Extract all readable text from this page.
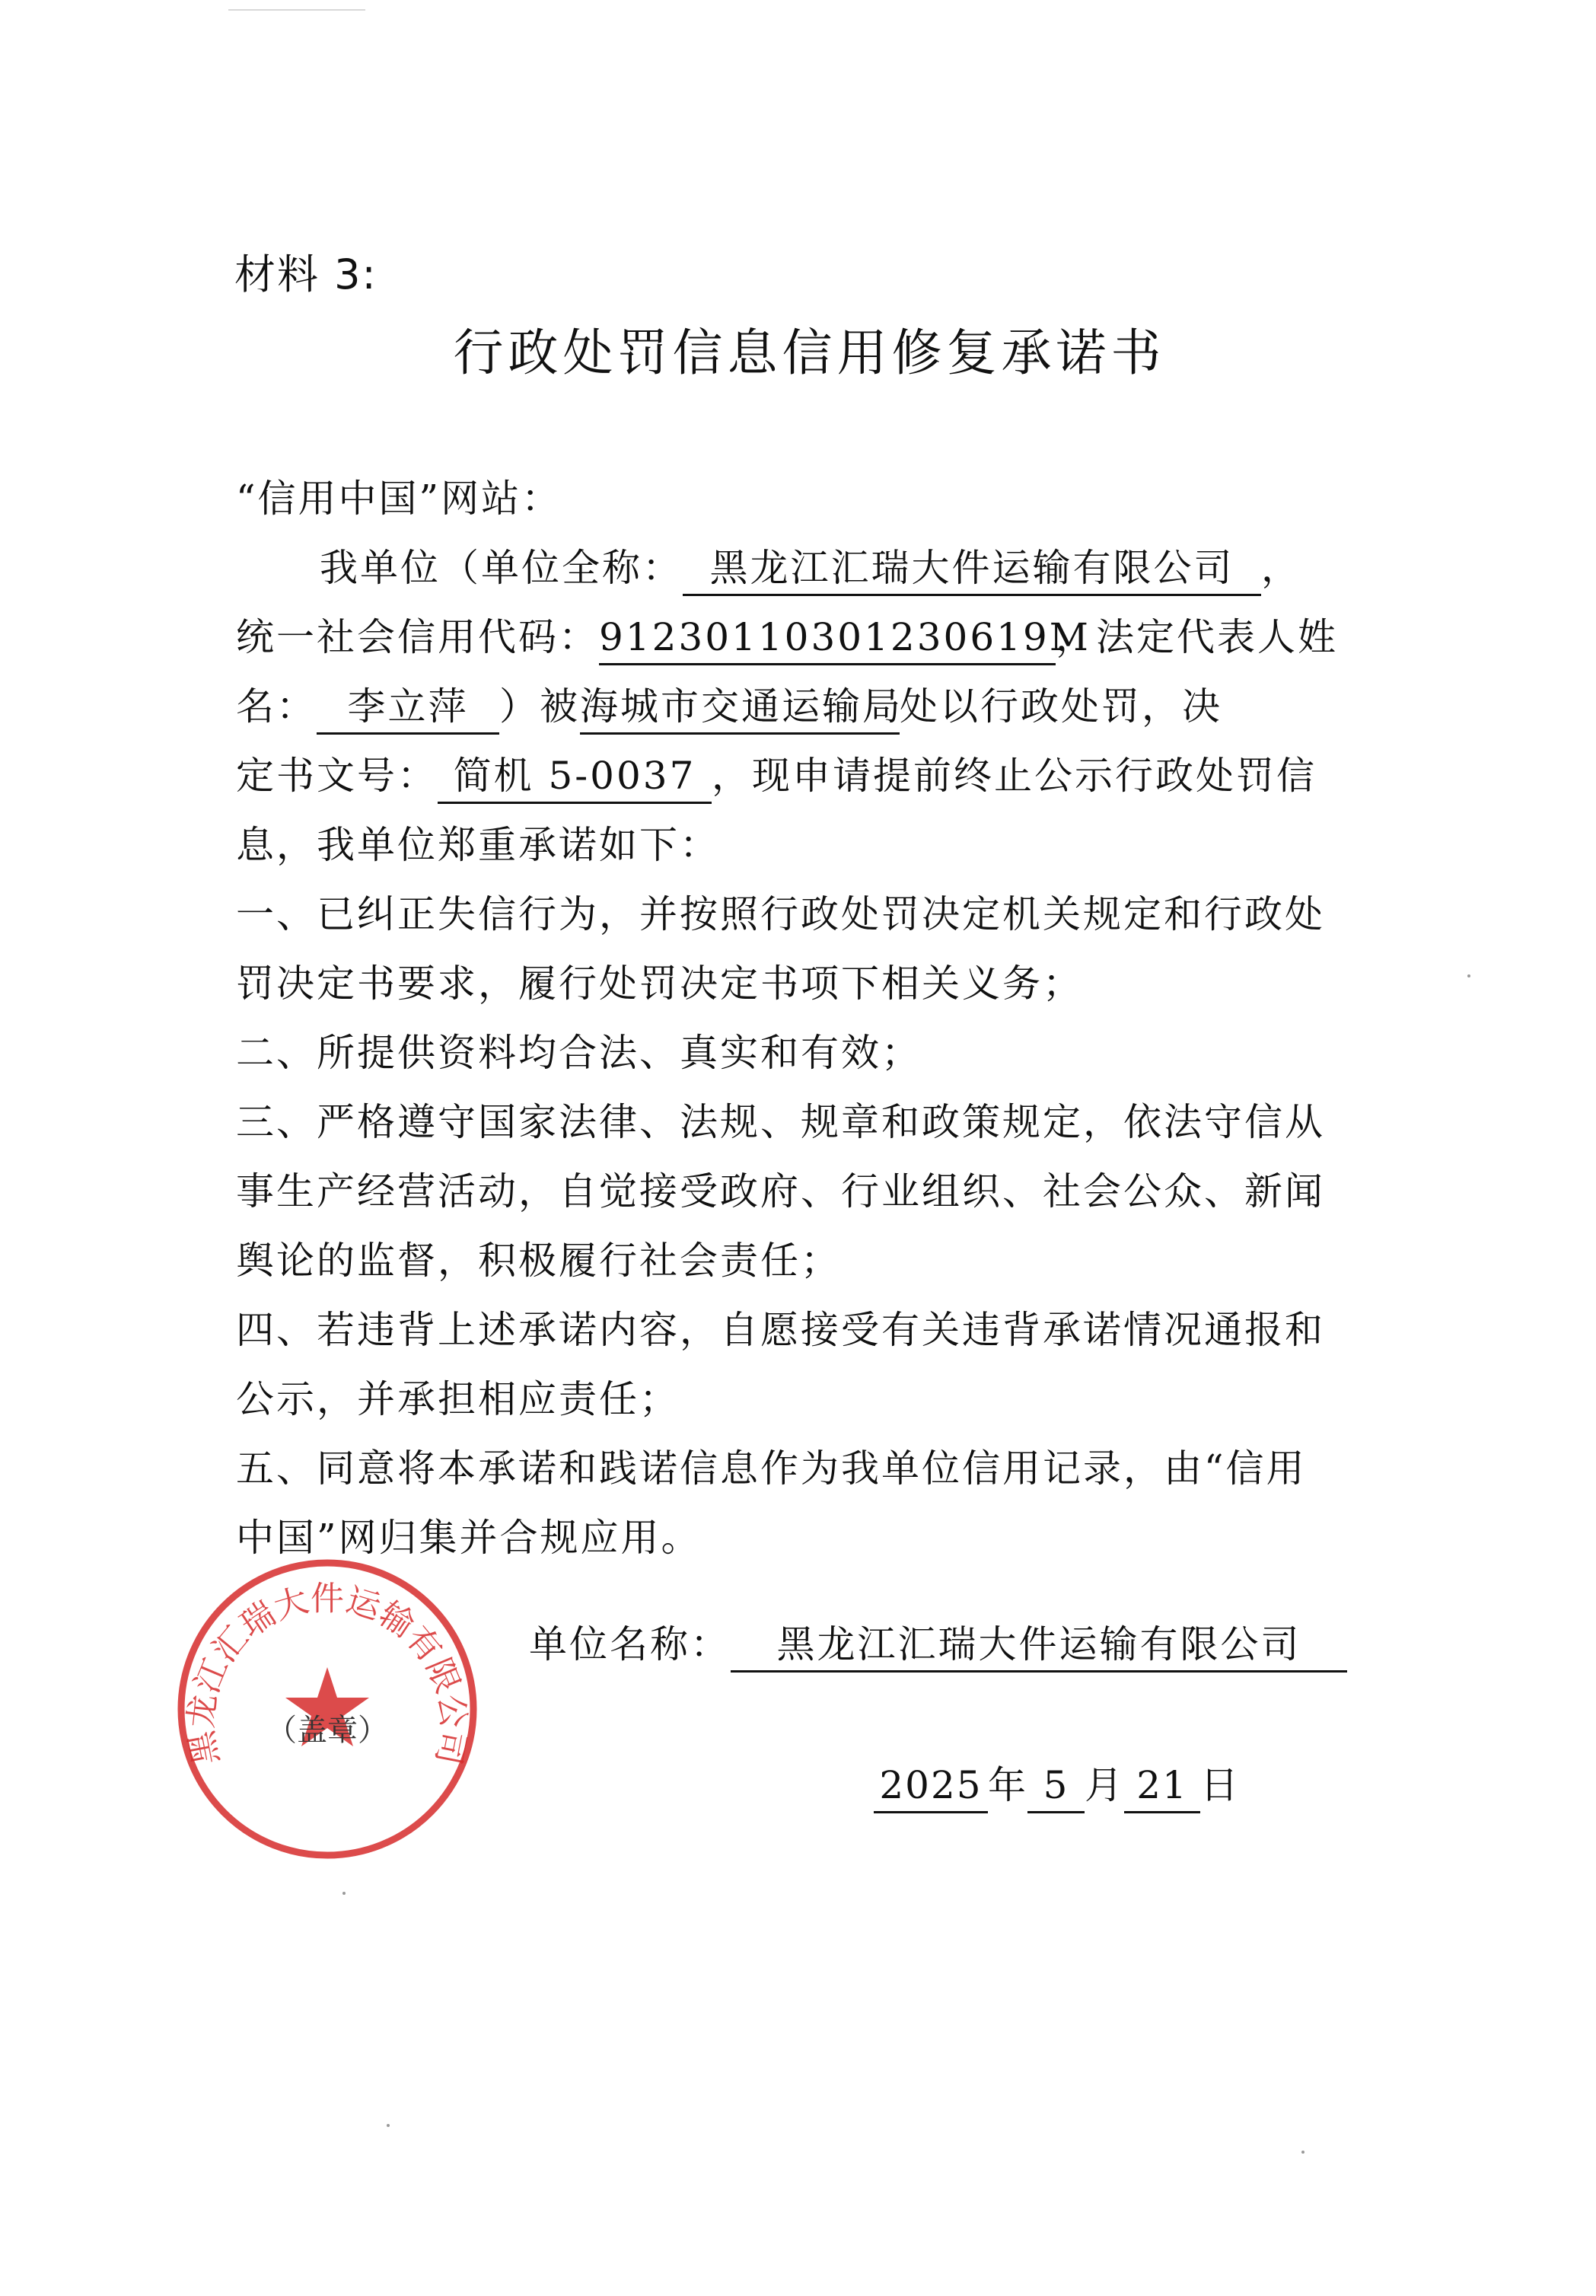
材料 3:
行政处罚信息信用修复承诺书
“信用中国”网站：
我单位（单位全称： 黑龙江汇瑞大件运输有限公司 ，
统一社会信用代码：91230110301230619M，法定代表人姓
名： 李立萍 ）被海城市交通运输局处以行政处罚，决
定书文号： 简机 5-0037 ，现申请提前终止公示行政处罚信
息，我单位郑重承诺如下：
一、已纠正失信行为，并按照行政处罚决定机关规定和行政处
罚决定书要求，履行处罚决定书项下相关义务；
二、所提供资料均合法、真实和有效；
三、严格遵守国家法律、法规、规章和政策规定，依法守信从
事生产经营活动，自觉接受政府、行业组织、社会公众、新闻
舆论的监督，积极履行社会责任；
四、若违背上述承诺内容，自愿接受有关违背承诺情况通报和
公示，并承担相应责任；
五、同意将本承诺和践诺信息作为我单位信用记录，由“信用
中国”网归集并合规应用。
黑龙江汇瑞大件运输有限公司
（盖章）
单位名称： 黑龙江汇瑞大件运输有限公司
2025 年 5 月 21 日
